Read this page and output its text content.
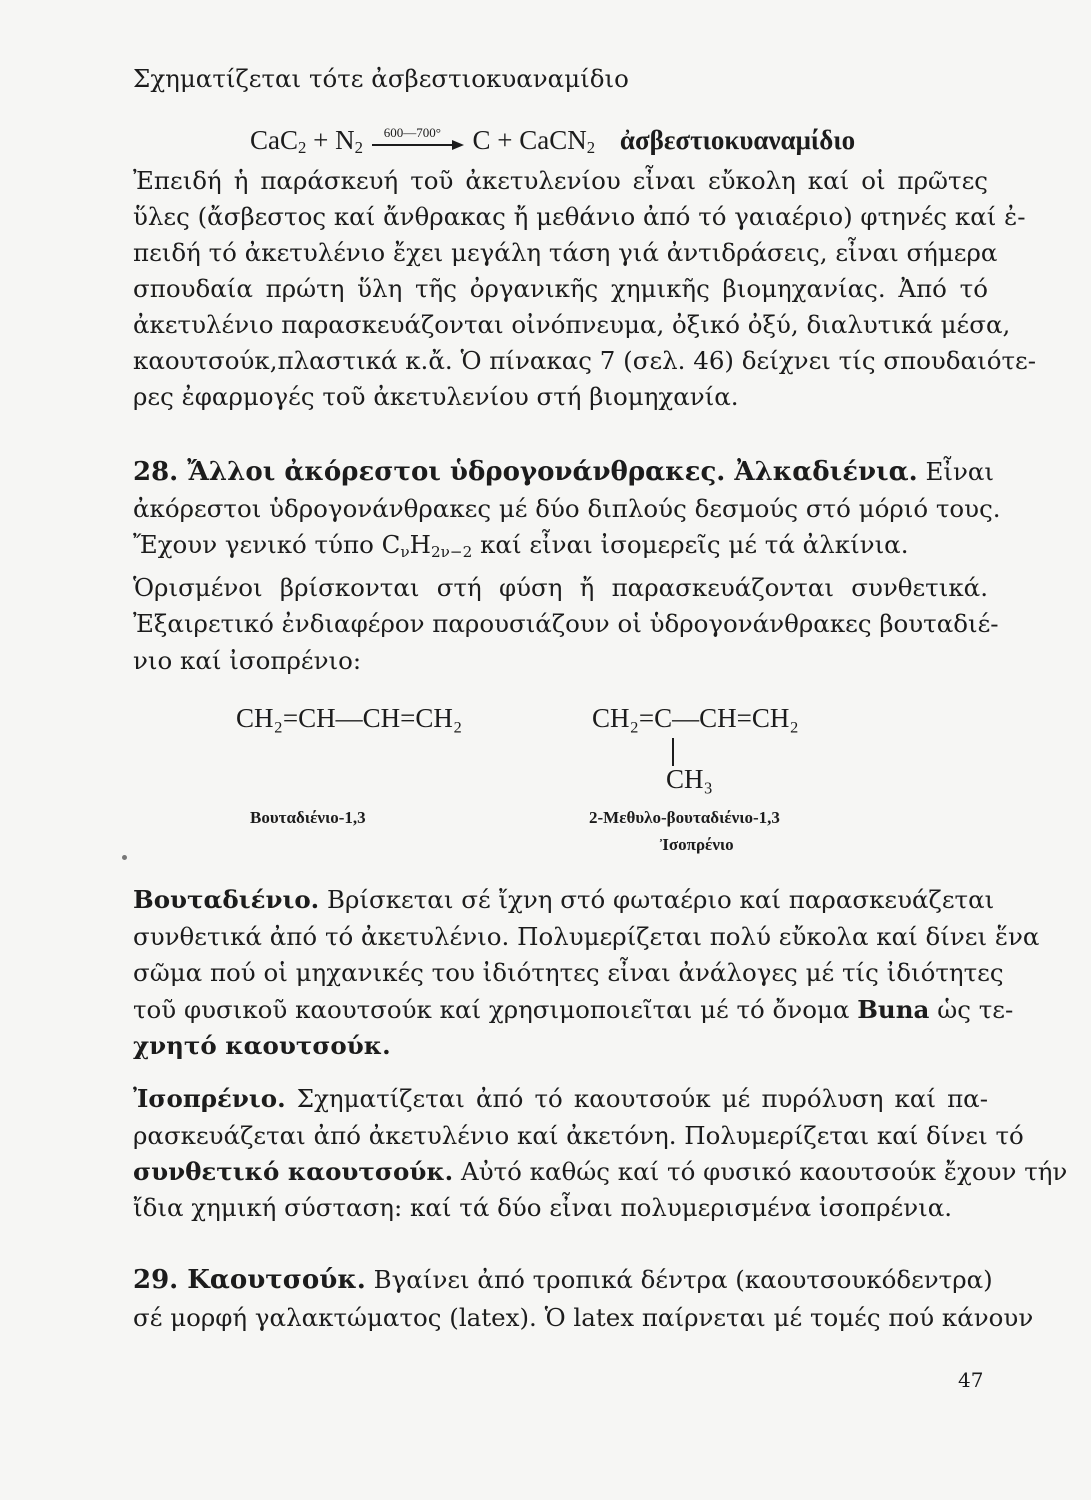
Σχηματίζεται τότε ἀσβεστιοκυαναμίδιο
$CaC_2 + N_2$
600—700° C + CaCN$_2$ ἀσβεστιοκυαναμίδιο
Ἐπειδή ἡ παράσκευή τοῦ ἀκετυλενίου εἶναι εὔκολη καί οἱ πρῶτες
ὕλες (ἄσβεστος καί ἄνθρακας ἤ μεθάνιο ἀπό τό γαιαέριο) φτηνές καί ἐ-
πειδή τό ἀκετυλένιο ἔχει μεγάλη τάση γιά ἀντιδράσεις, εἶναι σήμερα
σπουδαία πρώτη ὕλη τῆς ὀργανικῆς χημικῆς βιομηχανίας. Ἀπό τό
ἀκετυλένιο παρασκευάζονται οἰνόπνευμα, ὀξικό ὀξύ, διαλυτικά μέσα,
καουτσούκ,πλαστικά κ.ἄ. Ὁ πίνακας 7 (σελ. 46) δείχνει τίς σπουδαιότε-
ρες ἐφαρμογές τοῦ ἀκετυλενίου στή βιομηχανία.
28. Ἄλλοι ἀκόρεστοι ὑδρογονάνθρακες. Ἀλκαδιένια. Εἶναι
ἀκόρεστοι ὑδρογονάνθρακες μέ δύο διπλούς δεσμούς στό μόριό τους.
Ἔχουν γενικό τύπο $C_\nu H_{2\nu-2}$ καί εἶναι ἰσομερεῖς μέ τά ἀλκίνια.
Ὁρισμένοι βρίσκονται στή φύση ἤ παρασκευάζονται συνθετικά.
Ἐξαιρετικό ἐνδιαφέρον παρουσιάζουν οἱ ὑδρογονάνθρακες βουταδιέ-
νιο καί ἰσοπρένιο:
CH₂=CH—CH=CH₂
Βουταδιένιο-1,3
CH₂=C—CH=CH₂
CH₃
2-Μεθυλο-βουταδιένιο-1,3
Ἰσοπρένιο
Βουταδιένιο. Βρίσκεται σέ ἴχνη στό φωταέριο καί παρασκευάζεται
συνθετικά ἀπό τό ἀκετυλένιο. Πολυμερίζεται πολύ εὔκολα καί δίνει ἕνα
σῶμα πού οἱ μηχανικές του ἰδιότητες εἶναι ἀνάλογες μέ τίς ἰδιότητες
τοῦ φυσικοῦ καουτσούκ καί χρησιμοποιεῖται μέ τό ὄνομα Buna ὡς τε-
χνητό καουτσούκ.
Ἰσοπρένιο. Σχηματίζεται ἀπό τό καουτσούκ μέ πυρόλυση καί πα-
ρασκευάζεται ἀπό ἀκετυλένιο καί ἀκετόνη. Πολυμερίζεται καί δίνει τό
συνθετικό καουτσούκ. Αὐτό καθώς καί τό φυσικό καουτσούκ ἔχουν τήν
ἴδια χημική σύσταση: καί τά δύο εἶναι πολυμερισμένα ἰσοπρένια.
29. Καουτσούκ. Βγαίνει ἀπό τροπικά δέντρα (καουτσουκόδεντρα)
σέ μορφή γαλακτώματος (latex). Ὁ latex παίρνεται μέ τομές πού κάνουν
47
